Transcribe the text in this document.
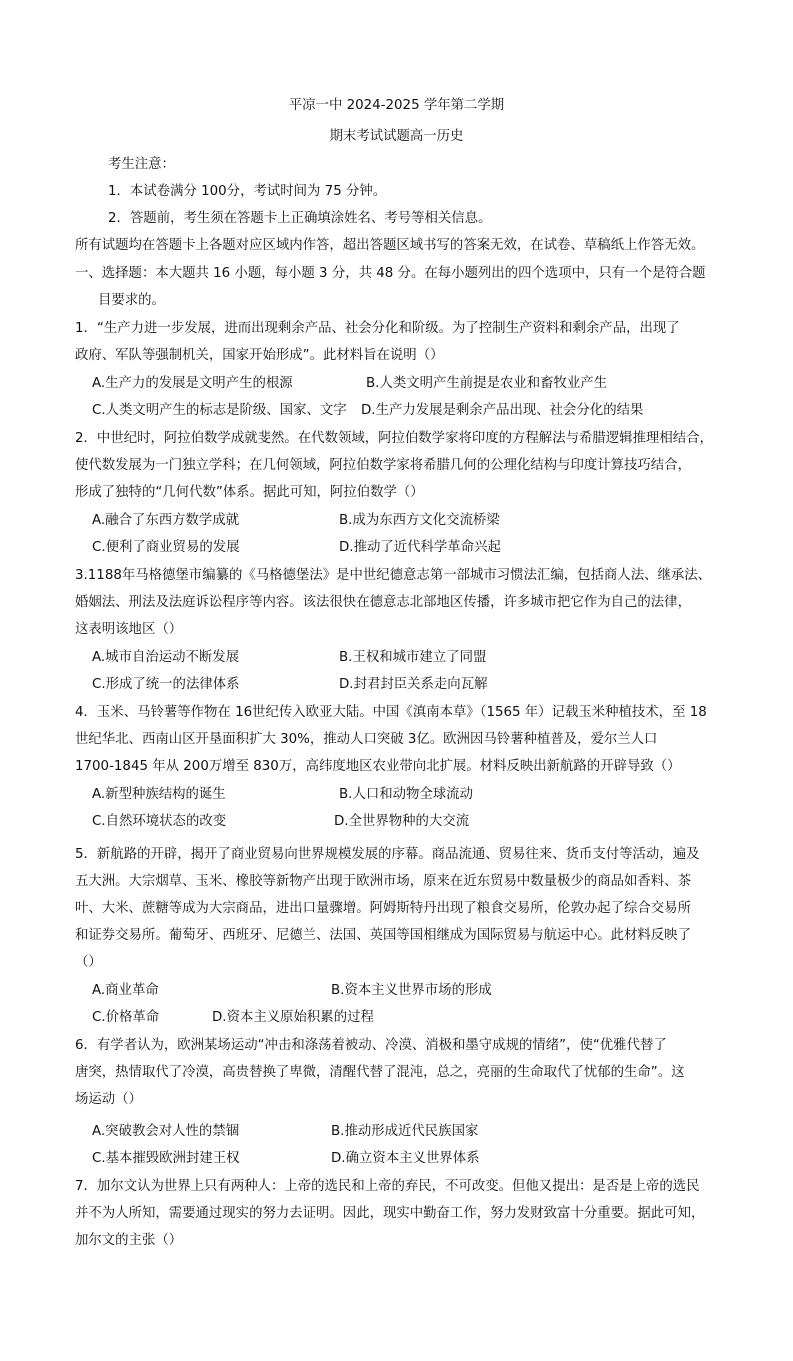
平凉一中 2024-2025 学年第二学期
期末考试试题高一历史
考生注意：
1．本试卷满分 100分，考试时间为 75 分钟。
2．答题前，考生须在答题卡上正确填涂姓名、考号等相关信息。
所有试题均在答题卡上各题对应区域内作答，超出答题区域书写的答案无效，在试卷、草稿纸上作答无效。
一、选择题：本大题共 16 小题，每小题 3 分，共 48 分。在每小题列出的四个选项中，只有一个是符合题
目要求的。
1．“生产力进一步发展，进而出现剩余产品、社会分化和阶级。为了控制生产资料和剩余产品，出现了
政府、军队等强制机关，国家开始形成”。此材料旨在说明（）
A.生产力的发展是文明产生的根源	B.人类文明产生前提是农业和畜牧业产生
C.人类文明产生的标志是阶级、国家、文字 D.生产力发展是剩余产品出现、社会分化的结果
2．中世纪时，阿拉伯数学成就斐然。在代数领域，阿拉伯数学家将印度的方程解法与希腊逻辑推理相结合，
使代数发展为一门独立学科；在几何领域，阿拉伯数学家将希腊几何的公理化结构与印度计算技巧结合，
形成了独特的“几何代数”体系。据此可知，阿拉伯数学（）
A.融合了东西方数学成就	B.成为东西方文化交流桥梁
C.便利了商业贸易的发展	D.推动了近代科学革命兴起
3.1188年马格德堡市编纂的《马格德堡法》是中世纪德意志第一部城市习惯法汇编，包括商人法、继承法、
婚姻法、刑法及法庭诉讼程序等内容。该法很快在德意志北部地区传播，许多城市把它作为自己的法律，
这表明该地区（）
A.城市自治运动不断发展	B.王权和城市建立了同盟
C.形成了统一的法律体系	D.封君封臣关系走向瓦解
4．玉米、马铃薯等作物在 16世纪传入欧亚大陆。中国《滇南本草》（1565 年）记载玉米种植技术，至 18
世纪华北、西南山区开垦面积扩大 30%，推动人口突破 3亿。欧洲因马铃薯种植普及，爱尔兰人口
1700-1845 年从 200万增至 830万，高纬度地区农业带向北扩展。材料反映出新航路的开辟导致（）
A.新型种族结构的诞生	B.人口和动物全球流动
C.自然环境状态的改变	D.全世界物种的大交流
5．新航路的开辟，揭开了商业贸易向世界规模发展的序幕。商品流通、贸易往来、货币支付等活动，遍及
五大洲。大宗烟草、玉米、橡胶等新物产出现于欧洲市场，原来在近东贸易中数量极少的商品如香料、茶
叶、大米、蔗糖等成为大宗商品，进出口量骤增。阿姆斯特丹出现了粮食交易所，伦敦办起了综合交易所
和证券交易所。葡萄牙、西班牙、尼德兰、法国、英国等国相继成为国际贸易与航运中心。此材料反映了
（）
A.商业革命	B.资本主义世界市场的形成
C.价格革命	D.资本主义原始积累的过程
6．有学者认为，欧洲某场运动“冲击和涤荡着被动、冷漠、消极和墨守成规的情绪”，使“优雅代替了
唐突，热情取代了冷漠，高贵替换了卑微，清醒代替了混沌，总之，亮丽的生命取代了忧郁的生命”。这
场运动（）
A.突破教会对人性的禁锢	B.推动形成近代民族国家
C.基本摧毁欧洲封建王权	D.确立资本主义世界体系
7．加尔文认为世界上只有两种人：上帝的选民和上帝的弃民，不可改变。但他又提出：是否是上帝的选民
并不为人所知，需要通过现实的努力去证明。因此，现实中勤奋工作，努力发财致富十分重要。据此可知，
加尔文的主张（）
